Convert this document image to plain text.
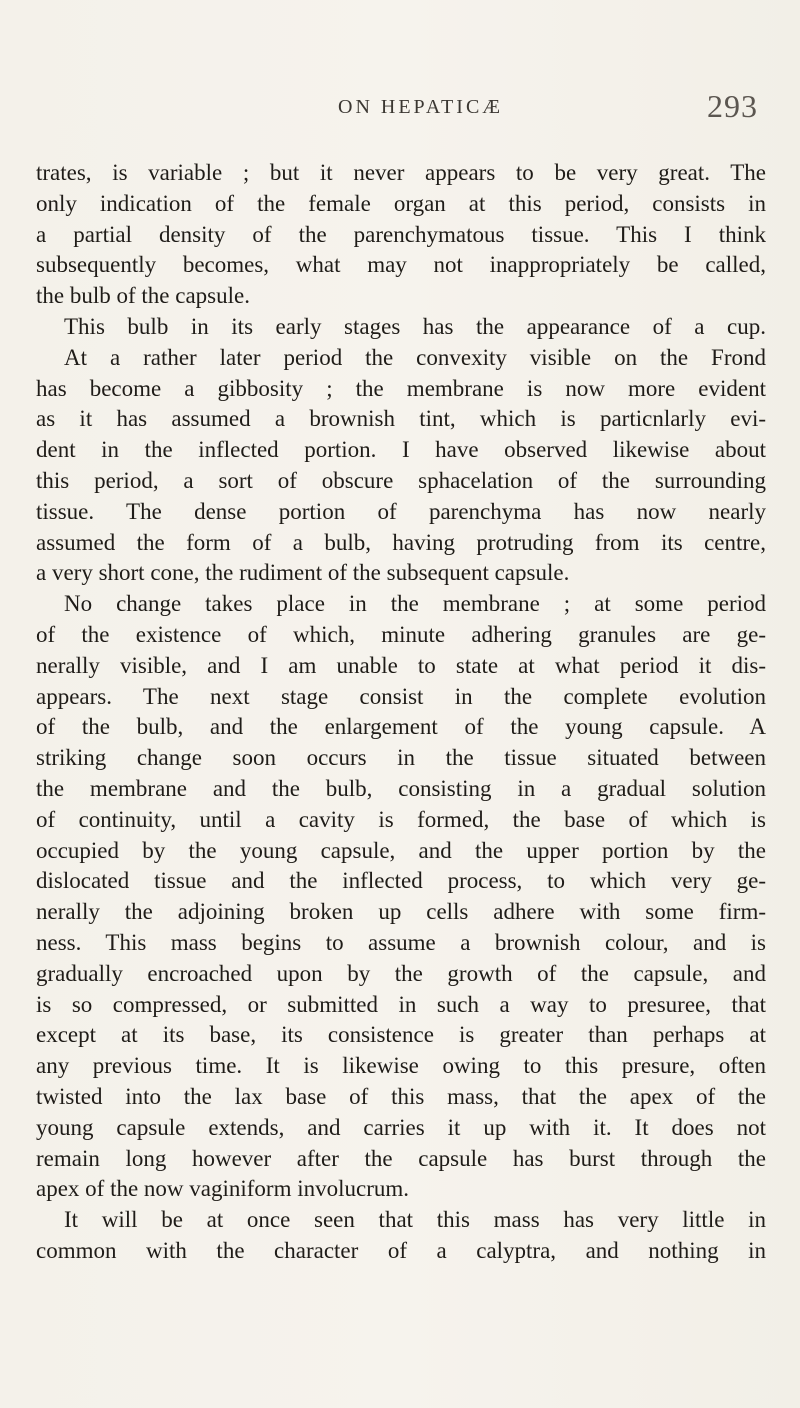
ON HEPATICÆ	293
trates, is variable ; but it never appears to be very great. The
only indication of the female organ at this period, consists in
a partial density of the parenchymatous tissue. This I think
subsequently becomes, what may not inappropriately be called,
the bulb of the capsule.
This bulb in its early stages has the appearance of a cup.
At a rather later period the convexity visible on the Frond
has become a gibbosity ; the membrane is now more evident
as it has assumed a brownish tint, which is particnlarly evi-
dent in the inflected portion. I have observed likewise about
this period, a sort of obscure sphacelation of the surrounding
tissue. The dense portion of parenchyma has now nearly
assumed the form of a bulb, having protruding from its centre,
a very short cone, the rudiment of the subsequent capsule.
No change takes place in the membrane ; at some period
of the existence of which, minute adhering granules are ge-
nerally visible, and I am unable to state at what period it dis-
appears. The next stage consist in the complete evolution
of the bulb, and the enlargement of the young capsule. A
striking change soon occurs in the tissue situated between
the membrane and the bulb, consisting in a gradual solution
of continuity, until a cavity is formed, the base of which is
occupied by the young capsule, and the upper portion by the
dislocated tissue and the inflected process, to which very ge-
nerally the adjoining broken up cells adhere with some firm-
ness. This mass begins to assume a brownish colour, and is
gradually encroached upon by the growth of the capsule, and
is so compressed, or submitted in such a way to presuree, that
except at its base, its consistence is greater than perhaps at
any previous time. It is likewise owing to this presure, often
twisted into the lax base of this mass, that the apex of the
young capsule extends, and carries it up with it. It does not
remain long however after the capsule has burst through the
apex of the now vaginiform involucrum.
It will be at once seen that this mass has very little in
common with the character of a calyptra, and nothing in
